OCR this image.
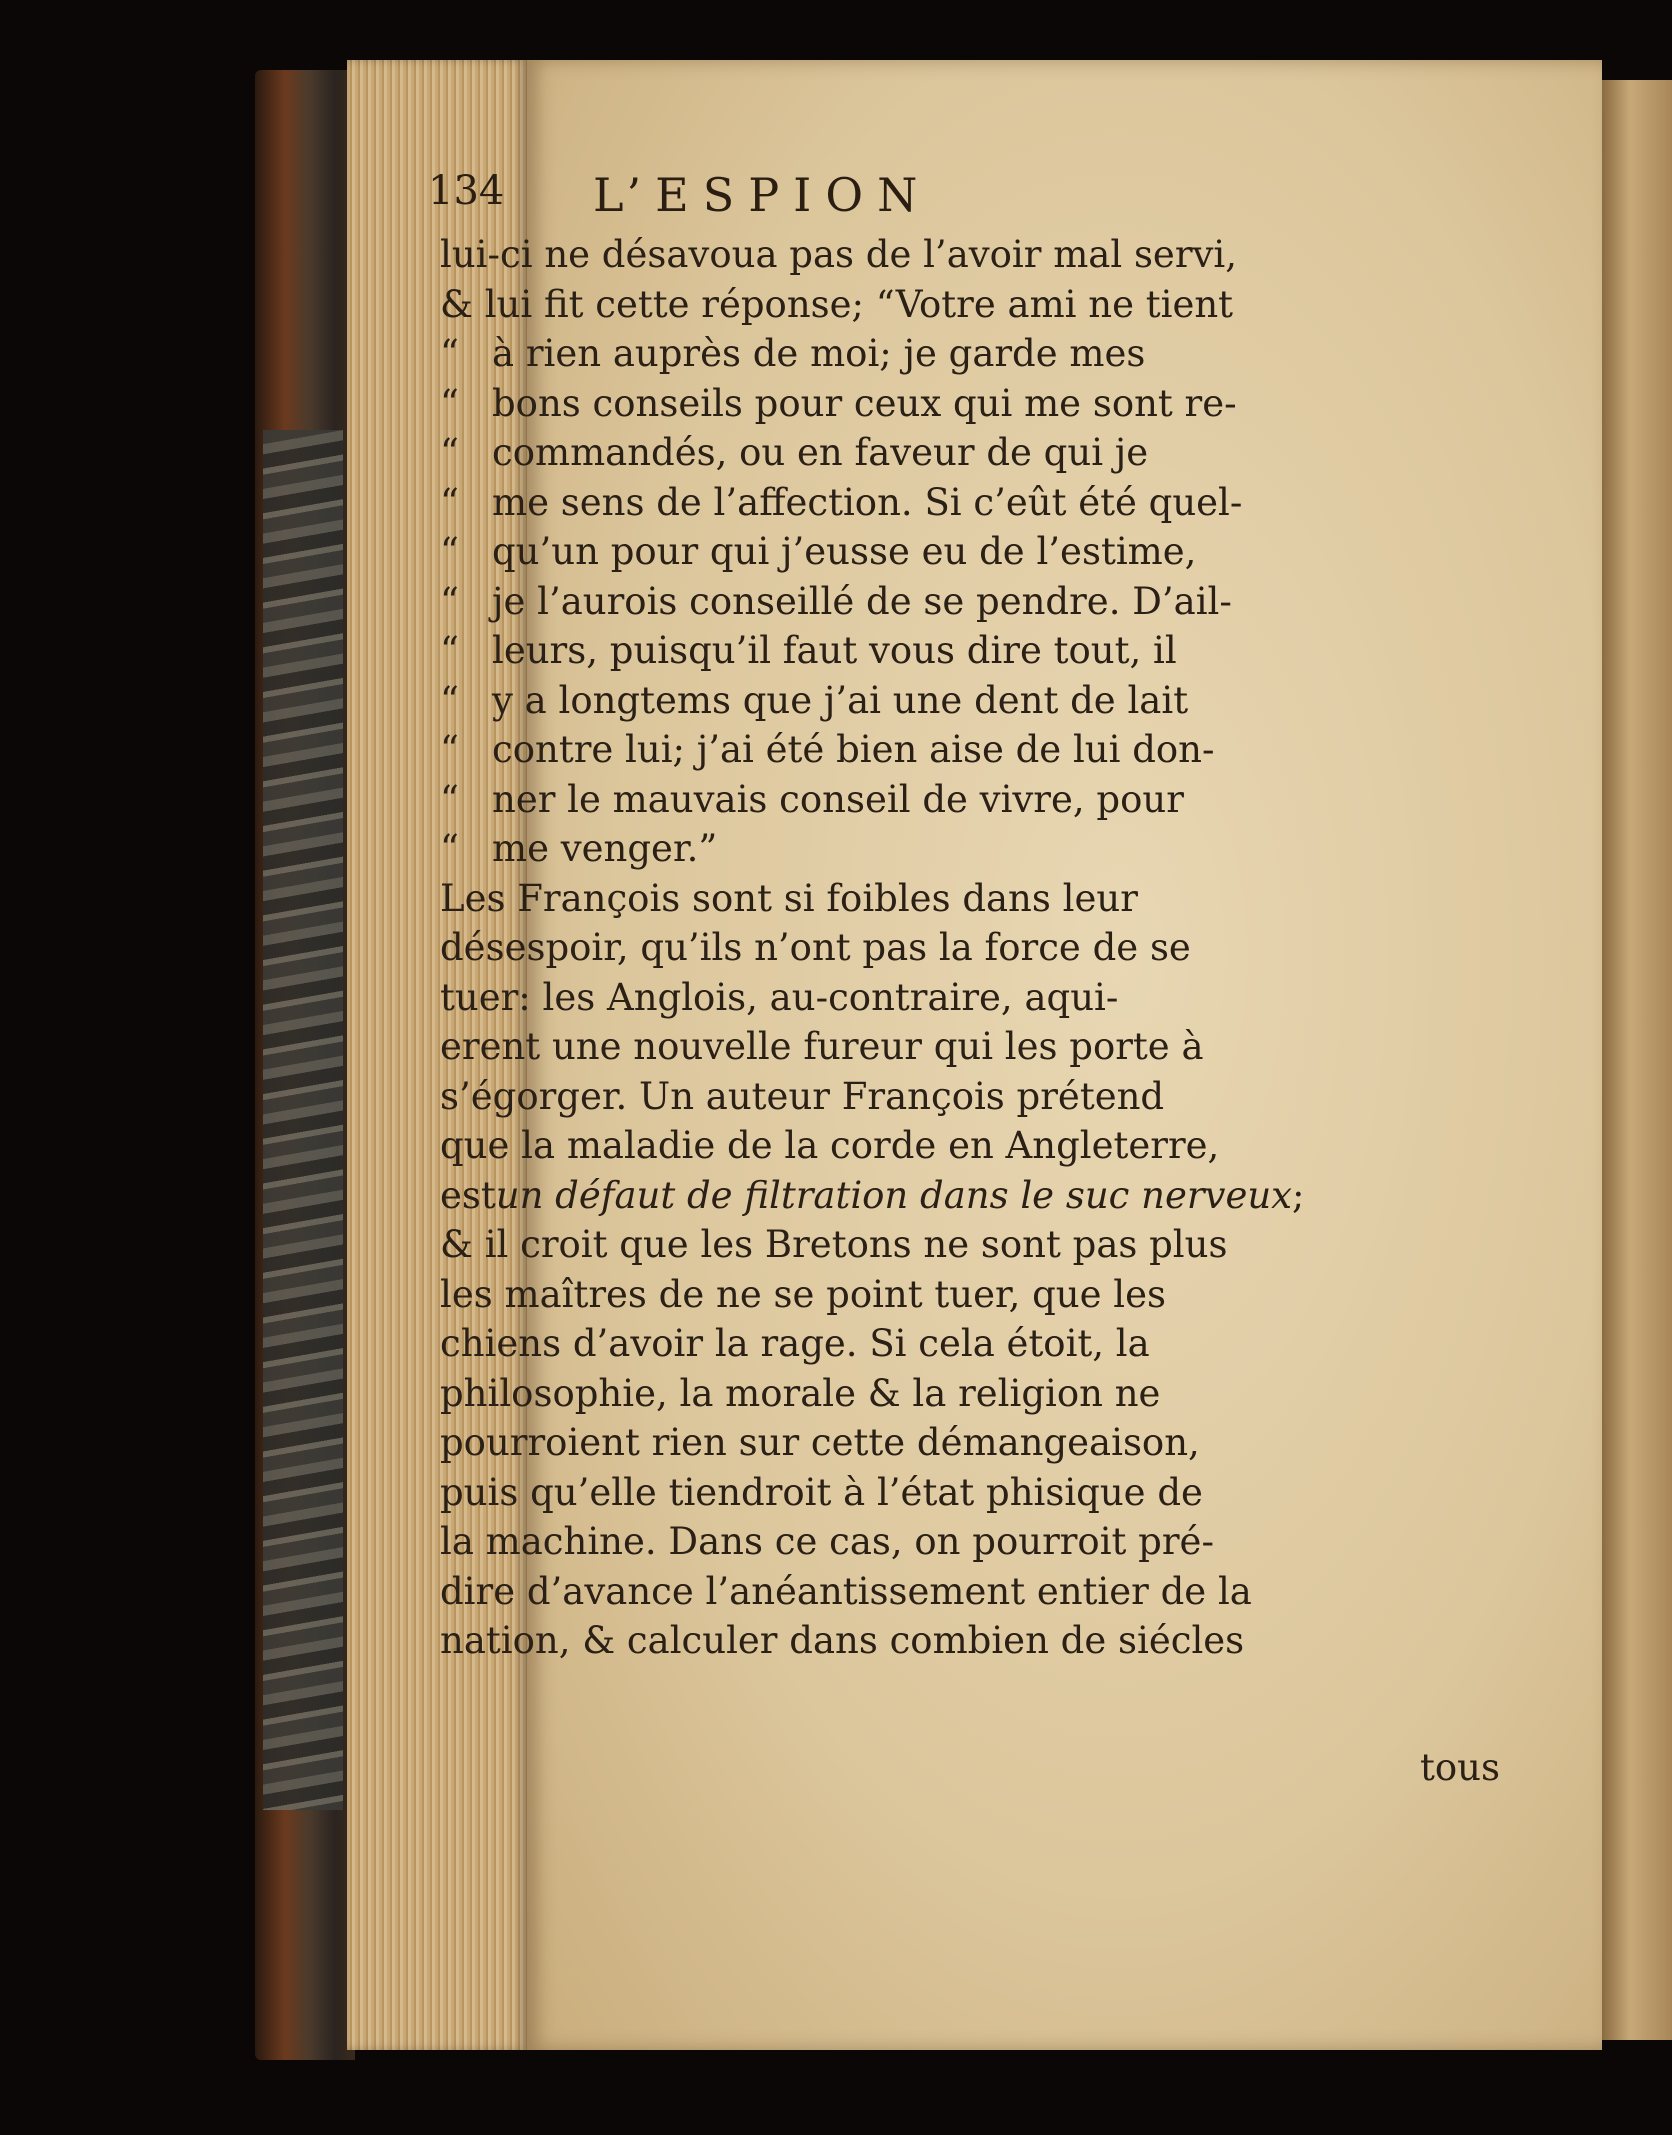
134 L’ESPION
lui-ci ne désavoua pas de l’avoir mal servi,
& lui fit cette réponse; “Votre ami ne tient
“ à rien auprès de moi; je garde mes
“ bons conseils pour ceux qui me sont re-
“ commandés, ou en faveur de qui je
“ me sens de l’affection. Si c’eût été quel-
“ qu’un pour qui j’eusse eu de l’estime,
“ je l’aurois conseillé de se pendre. D’ail-
“ leurs, puisqu’il faut vous dire tout, il
“ y a longtems que j’ai une dent de lait
“ contre lui; j’ai été bien aise de lui don-
“ ner le mauvais conseil de vivre, pour
“ me venger.”
Les François sont si foibles dans leur
désespoir, qu’ils n’ont pas la force de se
tuer: les Anglois, au-contraire, aqui-
erent une nouvelle fureur qui les porte à
s’égorger. Un auteur François prétend
que la maladie de la corde en Angleterre,
estun défaut de filtration dans le suc nerveux;
& il croit que les Bretons ne sont pas plus
les maîtres de ne se point tuer, que les
chiens d’avoir la rage. Si cela étoit, la
philosophie, la morale & la religion ne
pourroient rien sur cette démangeaison,
puis qu’elle tiendroit à l’état phisique de
la machine. Dans ce cas, on pourroit pré-
dire d’avance l’anéantissement entier de la
nation, & calculer dans combien de siécles
tous
